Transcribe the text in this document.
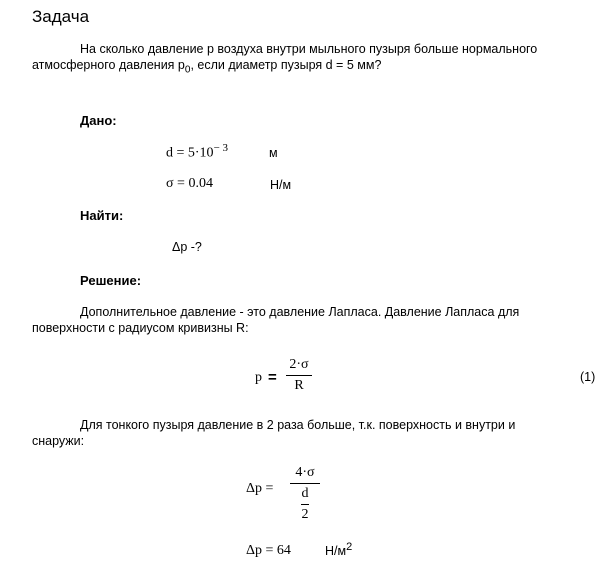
Задача
На сколько давление p воздуха внутри мыльного пузыря больше нормального
атмосферного давления $p_0$, если диаметр пузыря d = 5 мм?
Дано:
$d = 5\cdot 10^{- 3}$	м
σ = 0.04	Н/м
Найти:
Δp -?
Решение:
Дополнительное давление - это давление Лапласа. Давление Лапласа для
поверхности с радиусом кривизны R:
p =
2·σ
R
(1)
Для тонкого пузыря давление в 2 раза больше, т.к. поверхность и внутри и
снаружи:
Δp =
4·σ
d
2
Δp = 64	$Н/м^2$
